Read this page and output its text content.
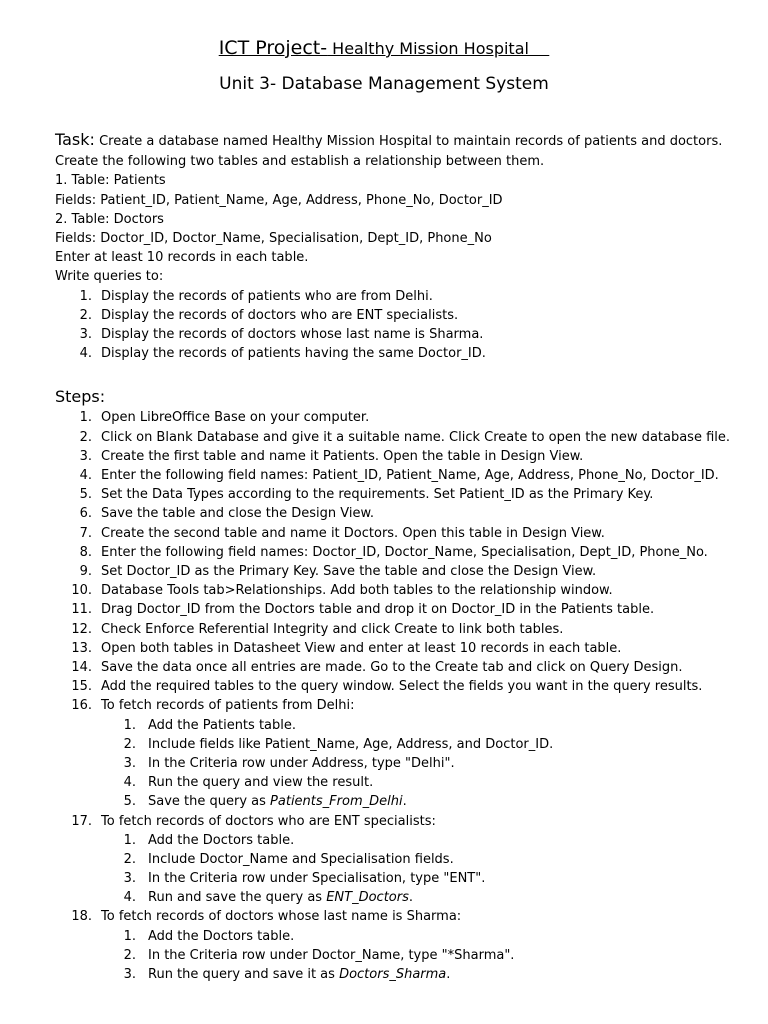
ICT Project- Healthy Mission Hospital
Unit 3- Database Management System
Task: Create a database named Healthy Mission Hospital to maintain records of patients and doctors.
Create the following two tables and establish a relationship between them.
1. Table: Patients
Fields: Patient_ID, Patient_Name, Age, Address, Phone_No, Doctor_ID
2. Table: Doctors
Fields: Doctor_ID, Doctor_Name, Specialisation, Dept_ID, Phone_No
Enter at least 10 records in each table.
Write queries to:
1. Display the records of patients who are from Delhi.
2. Display the records of doctors who are ENT specialists.
3. Display the records of doctors whose last name is Sharma.
4. Display the records of patients having the same Doctor_ID.
Steps:
1. Open LibreOffice Base on your computer.
2. Click on Blank Database and give it a suitable name. Click Create to open the new database file.
3. Create the first table and name it Patients. Open the table in Design View.
4. Enter the following field names: Patient_ID, Patient_Name, Age, Address, Phone_No, Doctor_ID.
5. Set the Data Types according to the requirements. Set Patient_ID as the Primary Key.
6. Save the table and close the Design View.
7. Create the second table and name it Doctors. Open this table in Design View.
8. Enter the following field names: Doctor_ID, Doctor_Name, Specialisation, Dept_ID, Phone_No.
9. Set Doctor_ID as the Primary Key. Save the table and close the Design View.
10. Database Tools tab>Relationships. Add both tables to the relationship window.
11. Drag Doctor_ID from the Doctors table and drop it on Doctor_ID in the Patients table.
12. Check Enforce Referential Integrity and click Create to link both tables.
13. Open both tables in Datasheet View and enter at least 10 records in each table.
14. Save the data once all entries are made. Go to the Create tab and click on Query Design.
15. Add the required tables to the query window. Select the fields you want in the query results.
16. To fetch records of patients from Delhi:
1. Add the Patients table.
2. Include fields like Patient_Name, Age, Address, and Doctor_ID.
3. In the Criteria row under Address, type "Delhi".
4. Run the query and view the result.
5. Save the query as Patients_From_Delhi.
17. To fetch records of doctors who are ENT specialists:
1. Add the Doctors table.
2. Include Doctor_Name and Specialisation fields.
3. In the Criteria row under Specialisation, type "ENT".
4. Run and save the query as ENT_Doctors.
18. To fetch records of doctors whose last name is Sharma:
1. Add the Doctors table.
2. In the Criteria row under Doctor_Name, type "*Sharma".
3. Run the query and save it as Doctors_Sharma.
